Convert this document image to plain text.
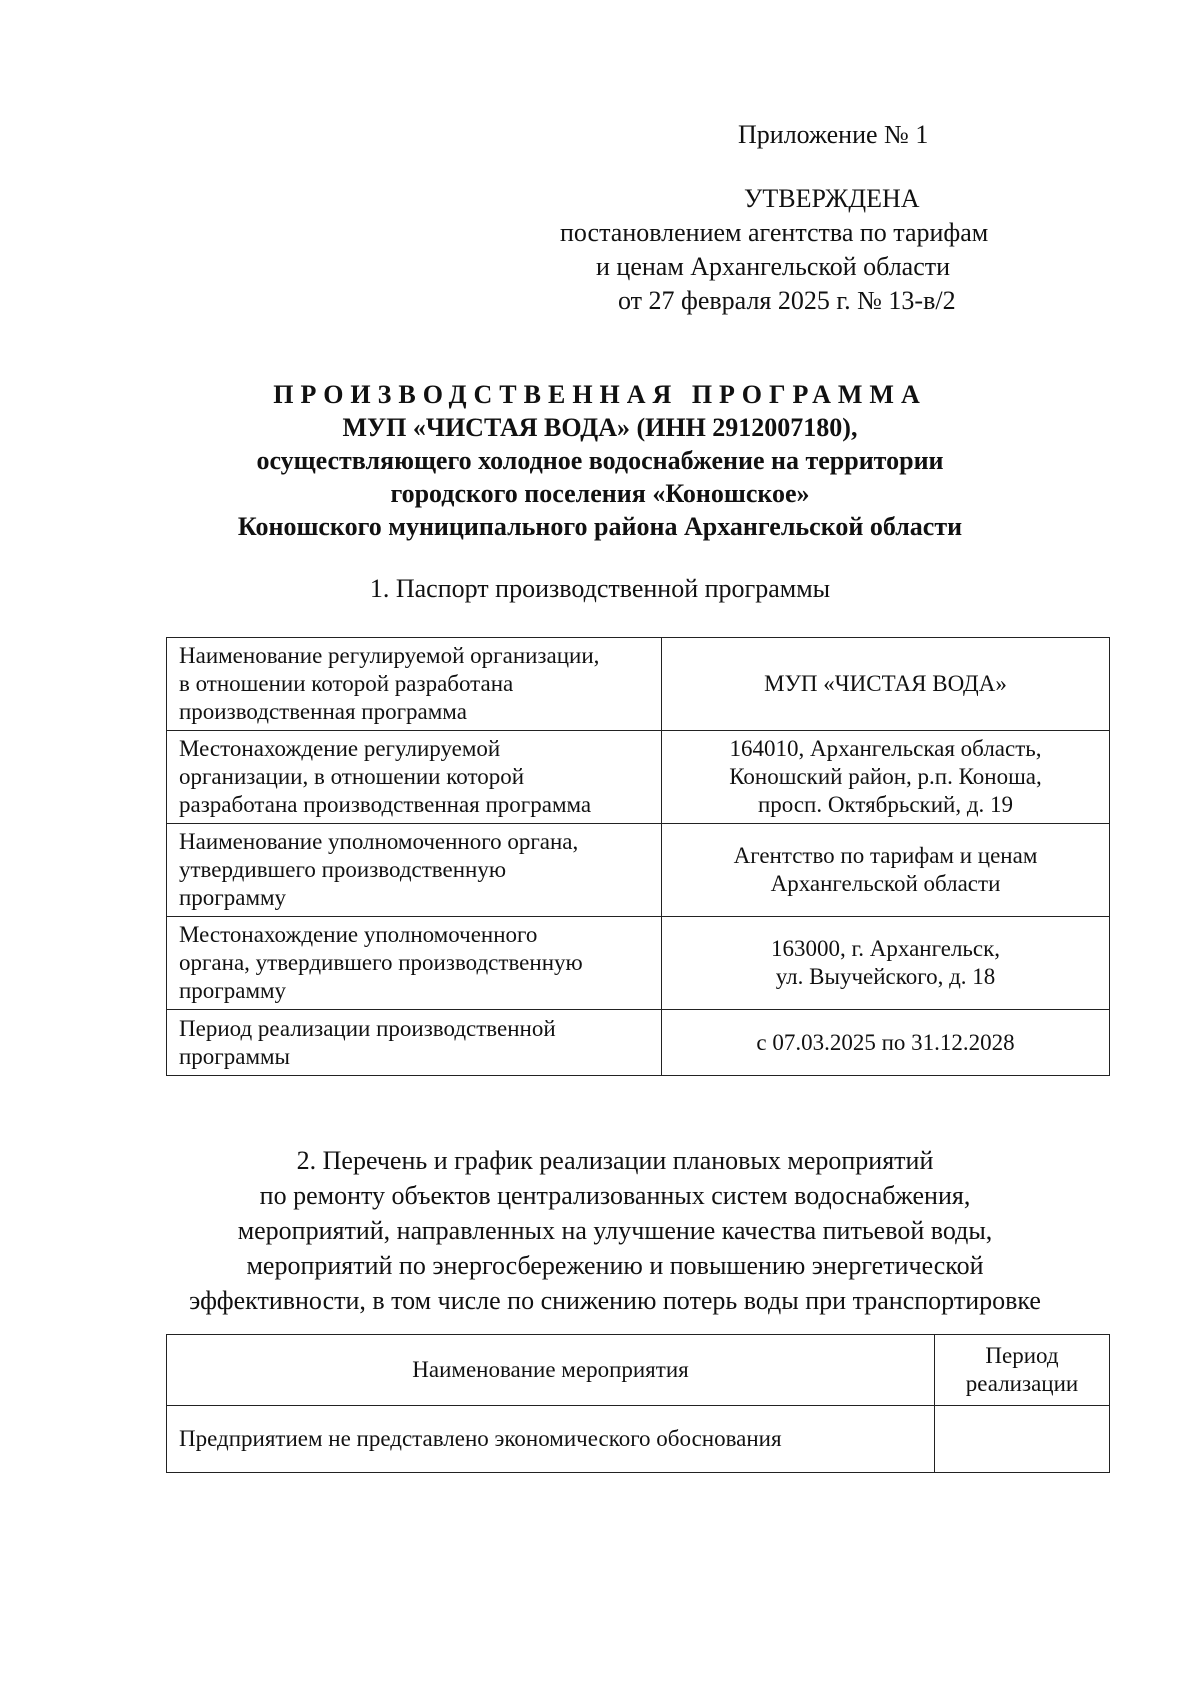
Приложение № 1
УТВЕРЖДЕНА
постановлением агентства по тарифам
и ценам Архангельской области
от 27 февраля 2025 г. № 13-в/2
ПРОИЗВОДСТВЕННАЯ ПРОГРАММА
МУП «ЧИСТАЯ ВОДА» (ИНН 2912007180),
осуществляющего холодное водоснабжение на территории
городского поселения «Коношское»
Коношского муниципального района Архангельской области
1. Паспорт производственной программы
Наименование регулируемой организации,
в отношении которой разработана
производственная программа	МУП «ЧИСТАЯ ВОДА»

Местонахождение регулируемой
организации, в отношении которой
разработана производственная программа	164010, Архангельская область,
Коношский район, р.п. Коноша,
просп. Октябрьский, д. 19

Наименование уполномоченного органа,
утвердившего производственную
программу	Агентство по тарифам и ценам
Архангельской области

Местонахождение уполномоченного
органа, утвердившего производственную
программу	163000, г. Архангельск,
ул. Выучейского, д. 18

Период реализации производственной
программы	с 07.03.2025 по 31.12.2028
2. Перечень и график реализации плановых мероприятий
по ремонту объектов централизованных систем водоснабжения,
мероприятий, направленных на улучшение качества питьевой воды,
мероприятий по энергосбережению и повышению энергетической
эффективности, в том числе по снижению потерь воды при транспортировке
Наименование мероприятия	Период
реализации

Предприятием не представлено экономического обоснования	
